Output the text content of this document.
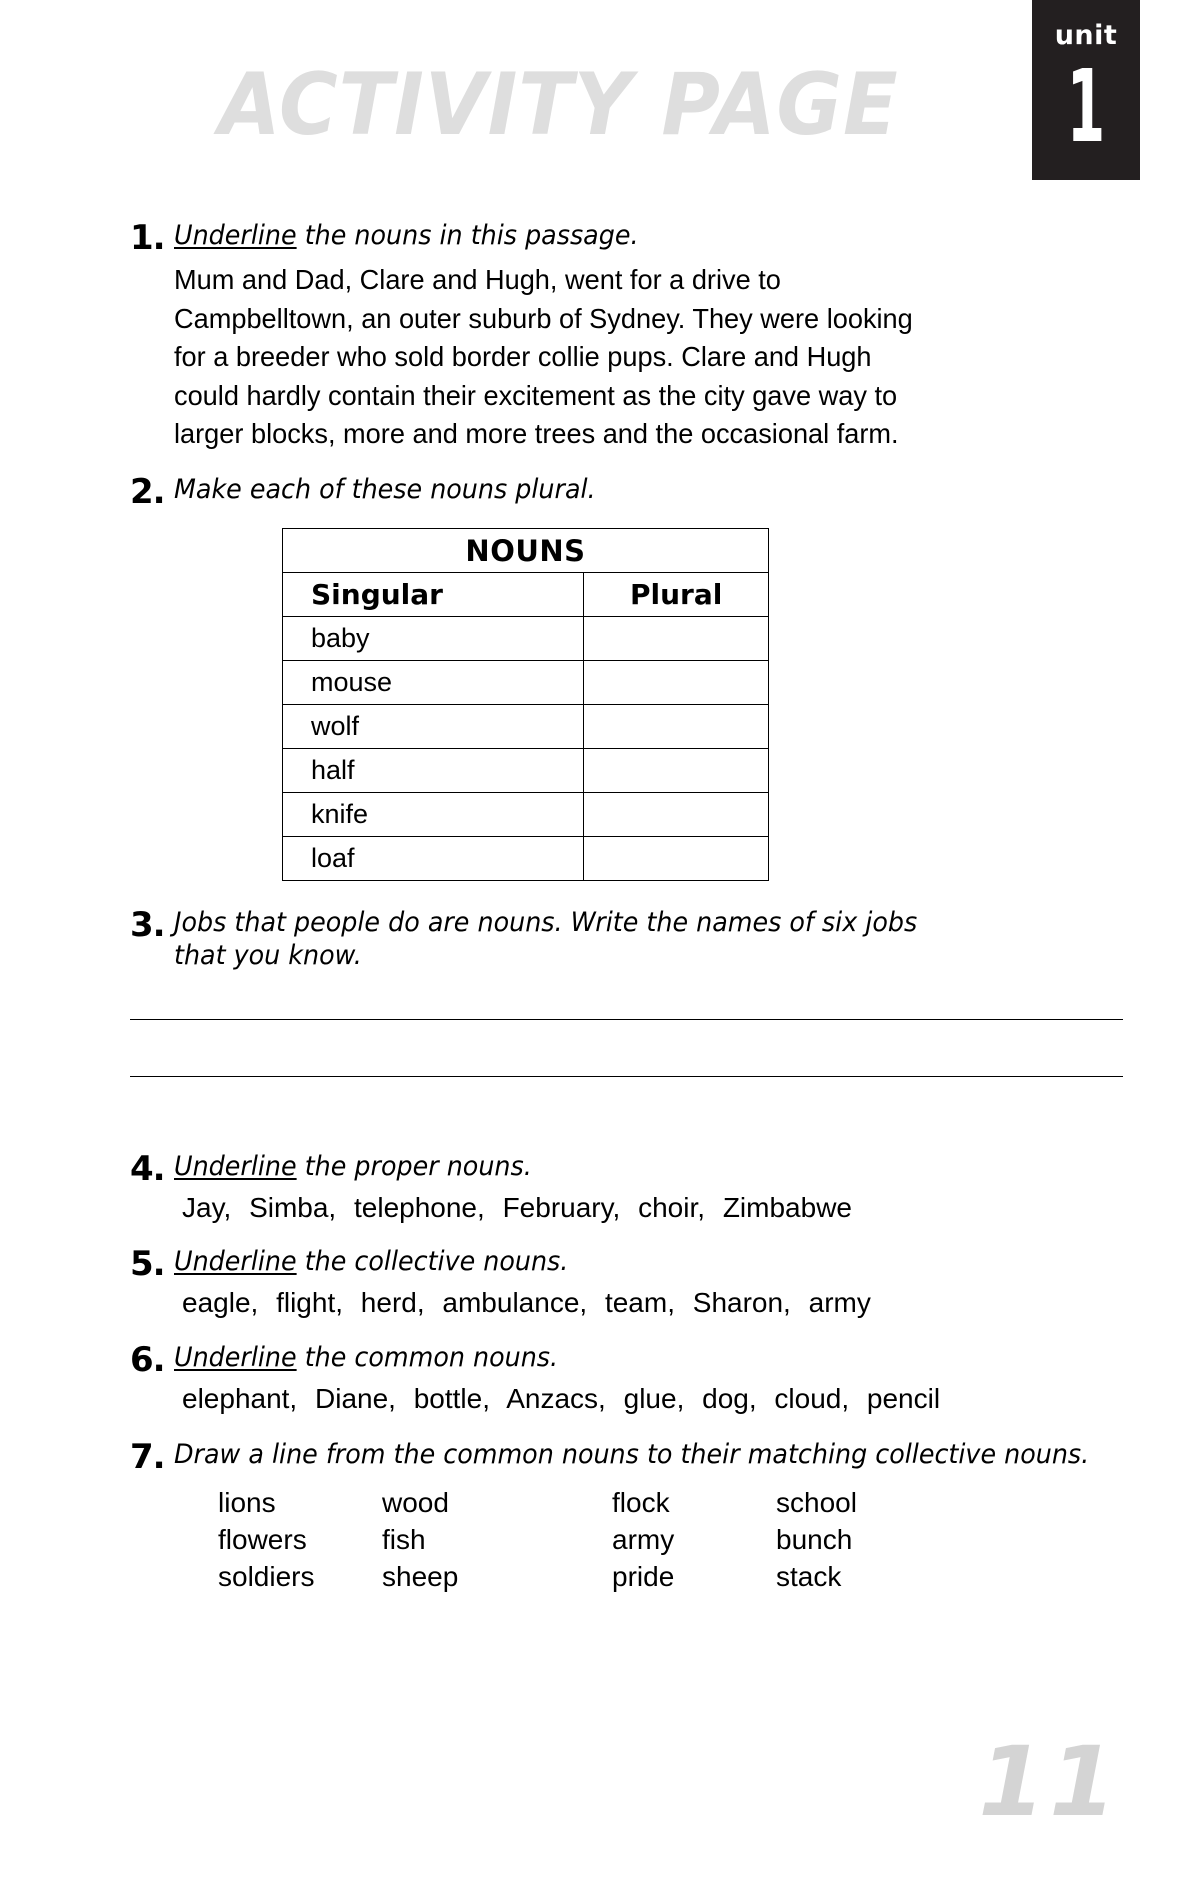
ACTIVITY PAGE
unit
1
1. Underline the nouns in this passage.
Mum and Dad, Clare and Hugh, went for a drive to
Campbelltown, an outer suburb of Sydney. They were looking
for a breeder who sold border collie pups. Clare and Hugh
could hardly contain their excitement as the city gave way to
larger blocks, more and more trees and the occasional farm.
2. Make each of these nouns plural.
NOUNS	
Singular	Plural
baby	
mouse	
wolf	
half	
knife	
loaf	
3. Jobs that people do are nouns. Write the names of six jobs
that you know.
4. Underline the proper nouns.
Jay, Simba, telephone, February, choir, Zimbabwe
5. Underline the collective nouns.
eagle, flight, herd, ambulance, team, Sharon, army
6. Underline the common nouns.
elephant, Diane, bottle, Anzacs, glue, dog, cloud, pencil
7. Draw a line from the common nouns to their matching collective nouns.
lions	wood	flock	school
flowers	fish	army	bunch
soldiers	sheep	pride	stack
11
